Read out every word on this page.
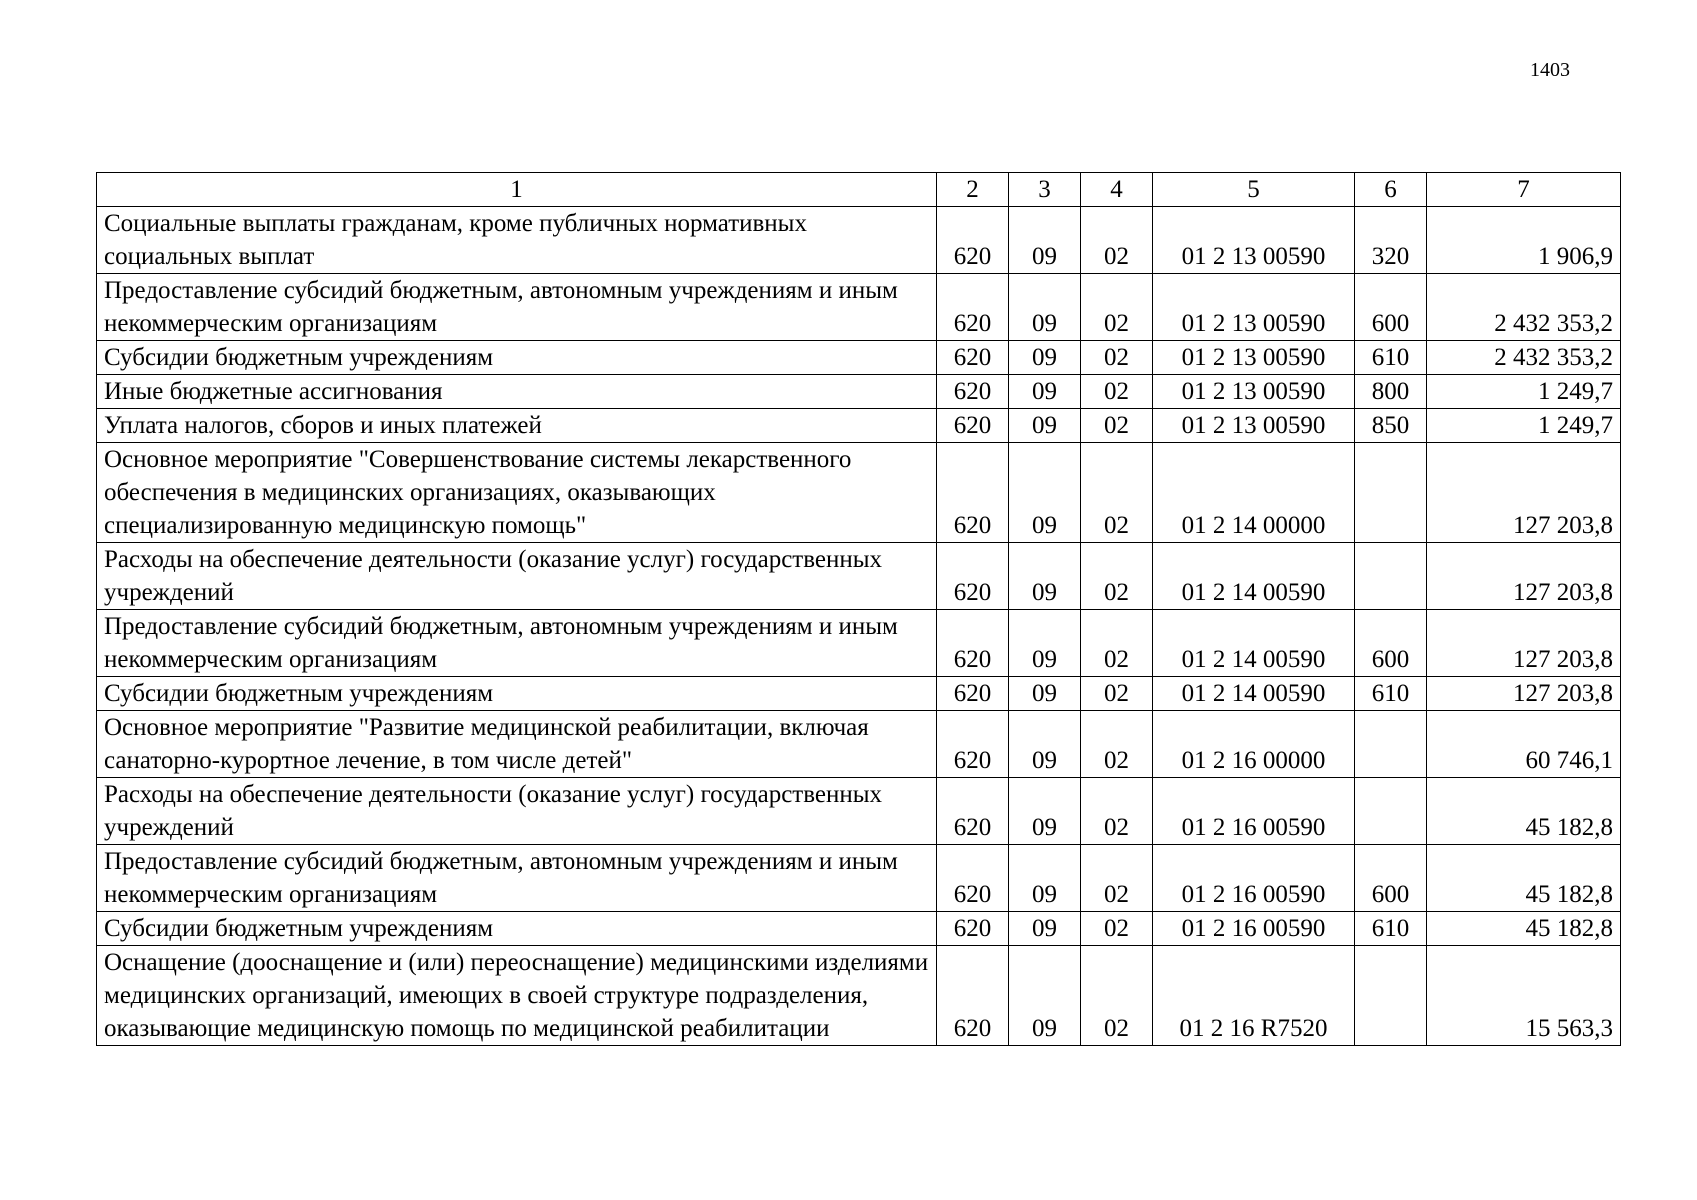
1403
1	2	3	4	5	6	7
Социальные выплаты гражданам, кроме публичных нормативных социальных выплат	620	09	02	01 2 13 00590	320	1 906,9
Предоставление субсидий бюджетным, автономным учреждениям и иным некоммерческим организациям	620	09	02	01 2 13 00590	600	2 432 353,2
Субсидии бюджетным учреждениям	620	09	02	01 2 13 00590	610	2 432 353,2
Иные бюджетные ассигнования	620	09	02	01 2 13 00590	800	1 249,7
Уплата налогов, сборов и иных платежей	620	09	02	01 2 13 00590	850	1 249,7
Основное мероприятие "Совершенствование системы лекарственного обеспечения в медицинских организациях, оказывающих специализированную медицинскую помощь"	620	09	02	01 2 14 00000		127 203,8
Расходы на обеспечение деятельности (оказание услуг) государственных учреждений	620	09	02	01 2 14 00590		127 203,8
Предоставление субсидий бюджетным, автономным учреждениям и иным некоммерческим организациям	620	09	02	01 2 14 00590	600	127 203,8
Субсидии бюджетным учреждениям	620	09	02	01 2 14 00590	610	127 203,8
Основное мероприятие "Развитие медицинской реабилитации, включая санаторно-курортное лечение, в том числе детей"	620	09	02	01 2 16 00000		60 746,1
Расходы на обеспечение деятельности (оказание услуг) государственных учреждений	620	09	02	01 2 16 00590		45 182,8
Предоставление субсидий бюджетным, автономным учреждениям и иным некоммерческим организациям	620	09	02	01 2 16 00590	600	45 182,8
Субсидии бюджетным учреждениям	620	09	02	01 2 16 00590	610	45 182,8
Оснащение (дооснащение и (или) переоснащение) медицинскими изделиями медицинских организаций, имеющих в своей структуре подразделения, оказывающие медицинскую помощь по медицинской реабилитации	620	09	02	01 2 16 R7520		15 563,3
